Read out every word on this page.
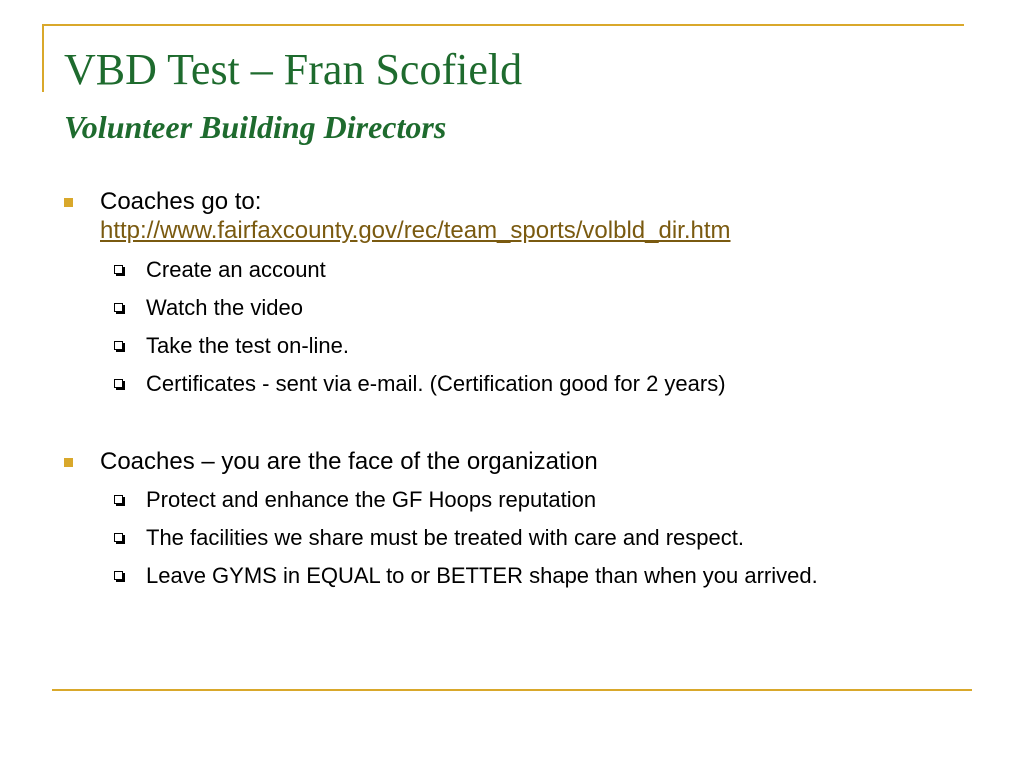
VBD Test – Fran Scofield
Volunteer Building Directors
Coaches go to:
http://www.fairfaxcounty.gov/rec/team_sports/volbld_dir.htm
Create an account
Watch the video
Take the test on-line.
Certificates - sent via e-mail. (Certification good for 2 years)
Coaches – you are the face of the organization
Protect and enhance the GF Hoops reputation
The facilities we share must be treated with care and respect.
Leave GYMS in EQUAL to or BETTER shape than when you arrived.
